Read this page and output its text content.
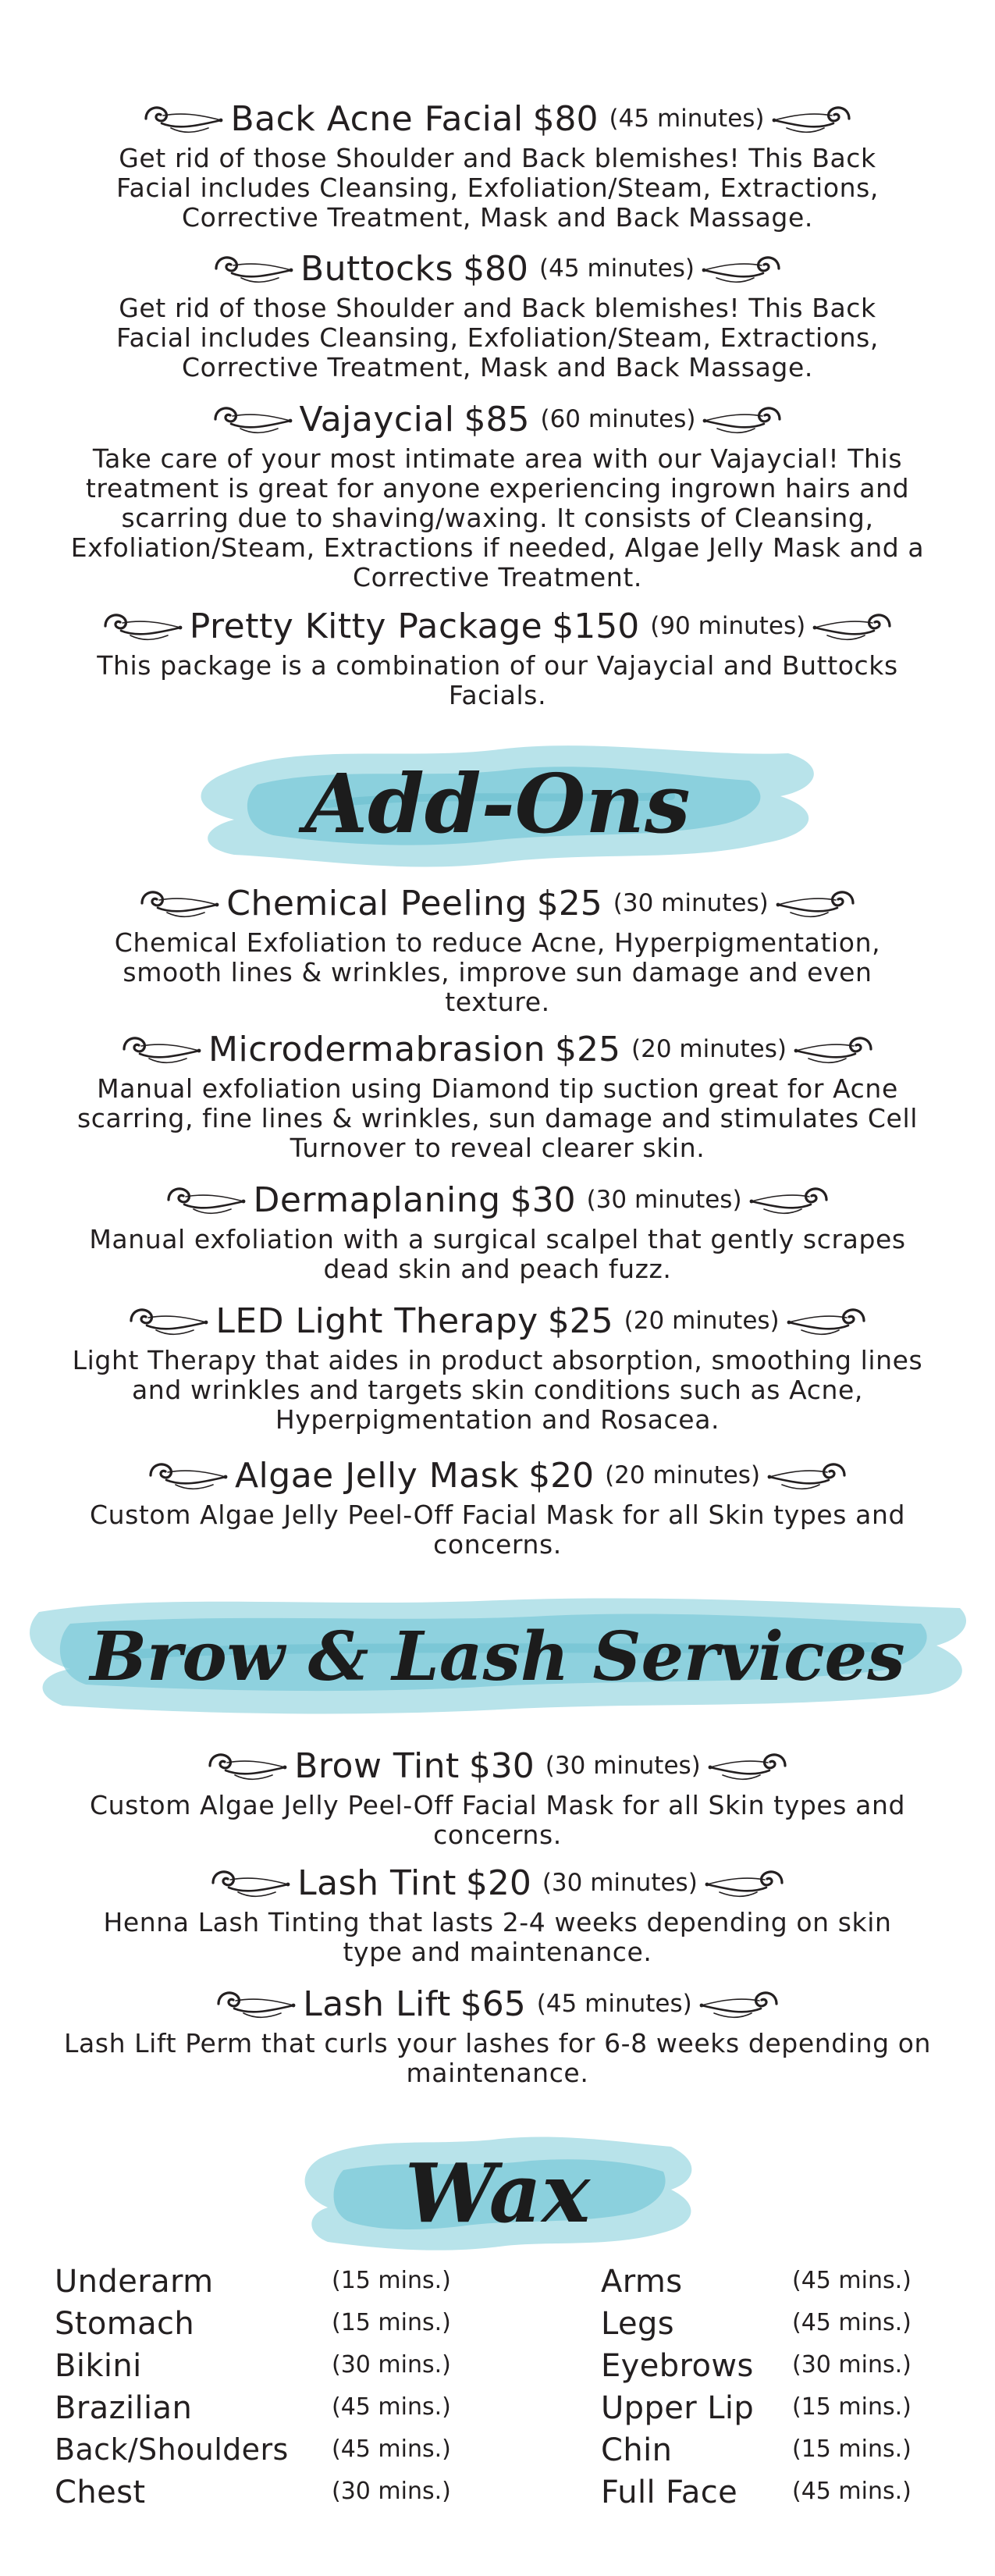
Back Acne Facial $80 (45 minutes)
Get rid of those Shoulder and Back blemishes! This Back Facial includes Cleansing, Exfoliation/Steam, Extractions, Corrective Treatment, Mask and Back Massage.
Buttocks $80 (45 minutes)
Get rid of those Shoulder and Back blemishes! This Back Facial includes Cleansing, Exfoliation/Steam, Extractions, Corrective Treatment, Mask and Back Massage.
Vajaycial $85 (60 minutes)
Take care of your most intimate area with our Vajaycial! This treatment is great for anyone experiencing ingrown hairs and scarring due to shaving/waxing. It consists of Cleansing, Exfoliation/Steam, Extractions if needed, Algae Jelly Mask and a Corrective Treatment.
Pretty Kitty Package $150 (90 minutes)
This package is a combination of our Vajaycial and Buttocks Facials.
Add-Ons
Chemical Peeling $25 (30 minutes)
Chemical Exfoliation to reduce Acne, Hyperpigmentation, smooth lines & wrinkles, improve sun damage and even texture.
Microdermabrasion $25 (20 minutes)
Manual exfoliation using Diamond tip suction great for Acne scarring, fine lines & wrinkles, sun damage and stimulates Cell Turnover to reveal clearer skin.
Dermaplaning $30 (30 minutes)
Manual exfoliation with a surgical scalpel that gently scrapes dead skin and peach fuzz.
LED Light Therapy $25 (20 minutes)
Light Therapy that aides in product absorption, smoothing lines and wrinkles and targets skin conditions such as Acne, Hyperpigmentation and Rosacea.
Algae Jelly Mask $20 (20 minutes)
Custom Algae Jelly Peel-Off Facial Mask for all Skin types and concerns.
Brow & Lash Services
Brow Tint $30 (30 minutes)
Custom Algae Jelly Peel-Off Facial Mask for all Skin types and concerns.
Lash Tint $20 (30 minutes)
Henna Lash Tinting that lasts 2-4 weeks depending on skin type and maintenance.
Lash Lift $65 (45 minutes)
Lash Lift Perm that curls your lashes for 6-8 weeks depending on maintenance.
Wax
Underarm	(15 mins.)
Stomach	(15 mins.)
Bikini	(30 mins.)
Brazilian	(45 mins.)
Back/Shoulders (45 mins.)
Chest	(30 mins.)
Arms	(45 mins.)
Legs	(45 mins.)
Eyebrows (30 mins.)
Upper Lip (15 mins.)
Chin	(15 mins.)
Full Face (45 mins.)
